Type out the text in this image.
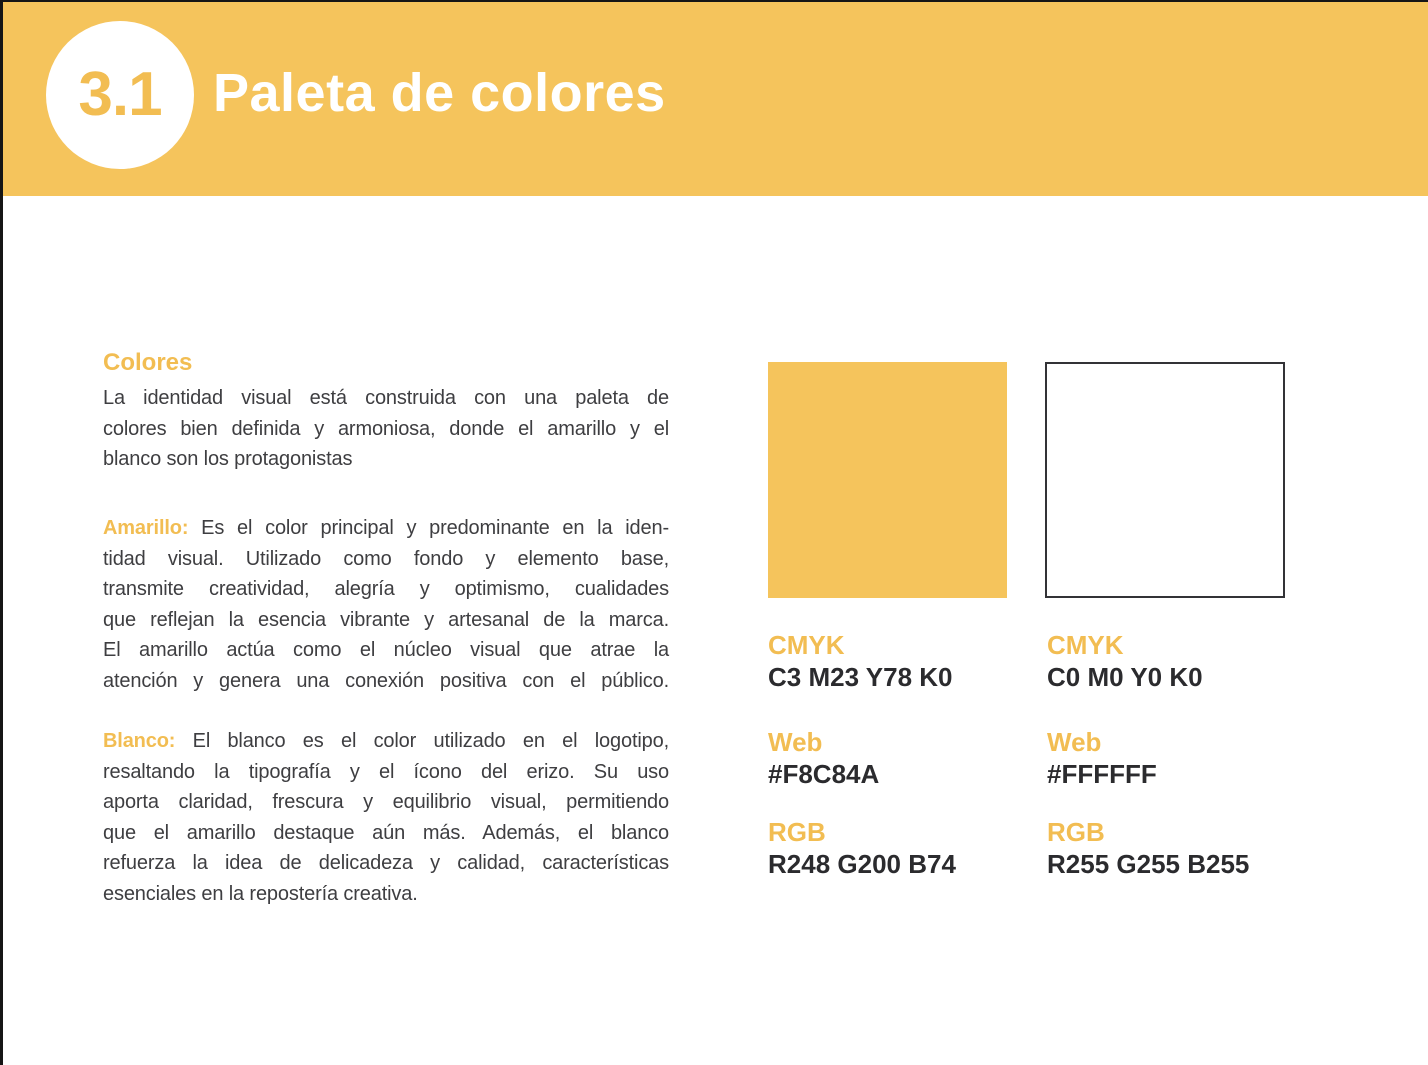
3.1 Paleta de colores
Colores
La identidad visual está construida con una paleta de
colores bien definida y armoniosa, donde el amarillo y el
blanco son los protagonistas
Amarillo: Es el color principal y predominante en la iden-
tidad visual. Utilizado como fondo y elemento base,
transmite creatividad, alegría y optimismo, cualidades
que reflejan la esencia vibrante y artesanal de la marca.
El amarillo actúa como el núcleo visual que atrae la
atención y genera una conexión positiva con el público.
Blanco: El blanco es el color utilizado en el logotipo,
resaltando la tipografía y el ícono del erizo. Su uso
aporta claridad, frescura y equilibrio visual, permitiendo
que el amarillo destaque aún más. Además, el blanco
refuerza la idea de delicadeza y calidad, características
esenciales en la repostería creativa.
CMYK
C3 M23 Y78 K0
Web
#F8C84A
RGB
R248 G200 B74
CMYK
C0 M0 Y0 K0
Web
#FFFFFF
RGB
R255 G255 B255
